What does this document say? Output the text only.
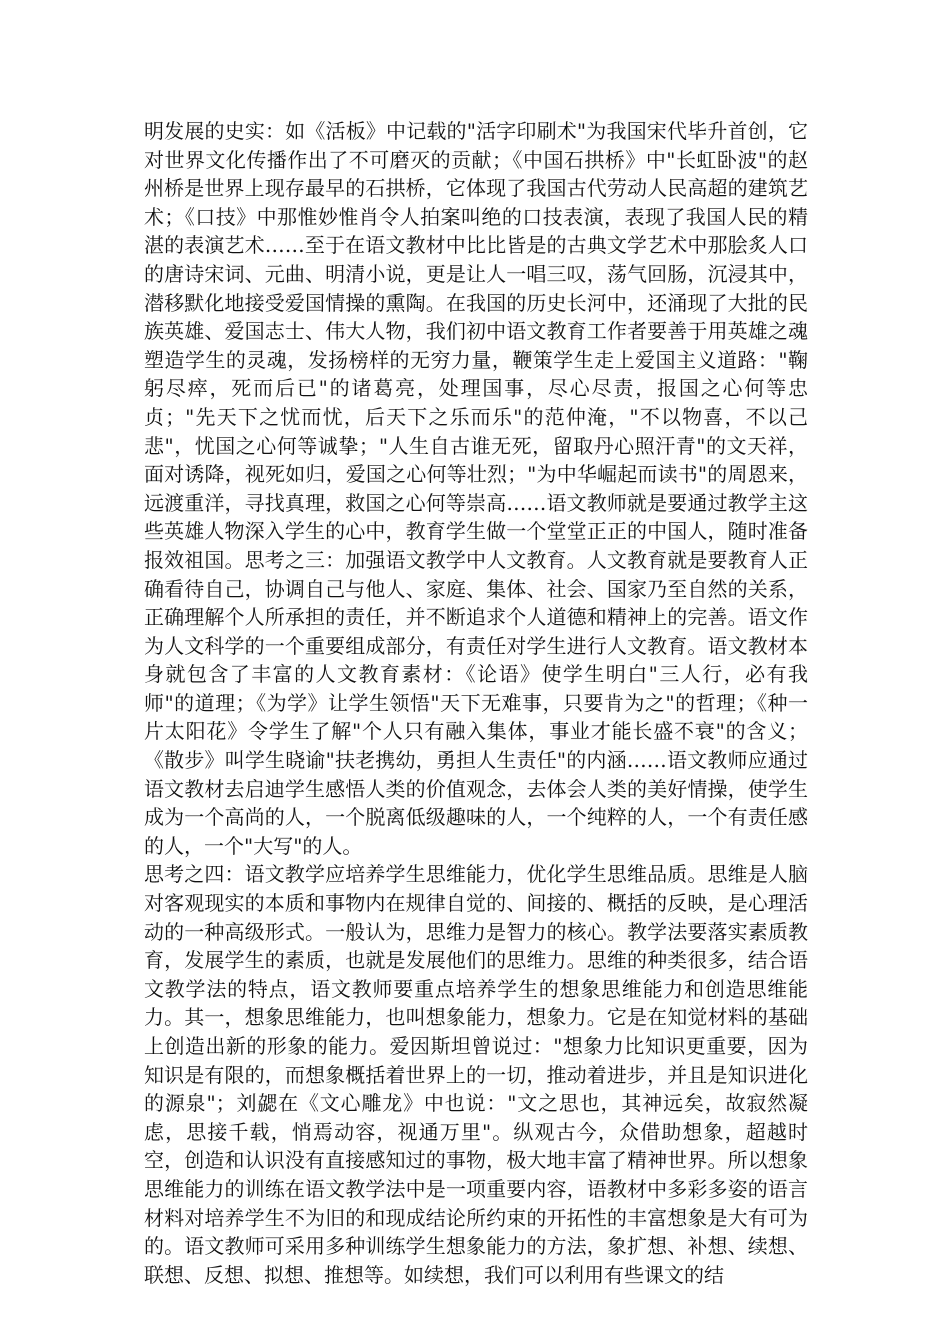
明发展的史实：如《活板》中记载的"活字印刷术"为我国宋代毕升首创，它对世界文化传播作出了不可磨灭的贡献；《中国石拱桥》中"长虹卧波"的赵州桥是世界上现存最早的石拱桥，它体现了我国古代劳动人民高超的建筑艺术；《口技》中那惟妙惟肖令人拍案叫绝的口技表演，表现了我国人民的精湛的表演艺术……至于在语文教材中比比皆是的古典文学艺术中那脍炙人口的唐诗宋词、元曲、明清小说，更是让人一唱三叹，荡气回肠，沉浸其中，潜移默化地接受爱国情操的熏陶。在我国的历史长河中，还涌现了大批的民族英雄、爱国志士、伟大人物，我们初中语文教育工作者要善于用英雄之魂塑造学生的灵魂，发扬榜样的无穷力量，鞭策学生走上爱国主义道路："鞠躬尽瘁，死而后已"的诸葛亮，处理国事，尽心尽责，报国之心何等忠贞；"先天下之忧而忧，后天下之乐而乐"的范仲淹，"不以物喜，不以己悲"，忧国之心何等诚挚；"人生自古谁无死，留取丹心照汗青"的文天祥，面对诱降，视死如归，爱国之心何等壮烈；"为中华崛起而读书"的周恩来，远渡重洋，寻找真理，救国之心何等崇高……语文教师就是要通过教学主这些英雄人物深入学生的心中，教育学生做一个堂堂正正的中国人，随时准备报效祖国。思考之三：加强语文教学中人文教育。人文教育就是要教育人正确看待自己，协调自己与他人、家庭、集体、社会、国家乃至自然的关系，正确理解个人所承担的责任，并不断追求个人道德和精神上的完善。语文作为人文科学的一个重要组成部分，有责任对学生进行人文教育。语文教材本身就包含了丰富的人文教育素材：《论语》使学生明白"三人行，必有我师"的道理；《为学》让学生领悟"天下无难事，只要肯为之"的哲理；《种一片太阳花》令学生了解"个人只有融入集体，事业才能长盛不衰"的含义；《散步》叫学生晓谕"扶老携幼，勇担人生责任"的内涵……语文教师应通过语文教材去启迪学生感悟人类的价值观念，去体会人类的美好情操，使学生成为一个高尚的人，一个脱离低级趣味的人，一个纯粹的人，一个有责任感的人，一个"大写"的人。

思考之四：语文教学应培养学生思维能力，优化学生思维品质。思维是人脑对客观现实的本质和事物内在规律自觉的、间接的、概括的反映，是心理活动的一种高级形式。一般认为，思维力是智力的核心。教学法要落实素质教育，发展学生的素质，也就是发展他们的思维力。思维的种类很多，结合语文教学法的特点，语文教师要重点培养学生的想象思维能力和创造思维能力。其一，想象思维能力，也叫想象能力，想象力。它是在知觉材料的基础上创造出新的形象的能力。爱因斯坦曾说过："想象力比知识更重要，因为知识是有限的，而想象概括着世界上的一切，推动着进步，并且是知识进化的源泉"；刘勰在《文心雕龙》中也说："文之思也，其神远矣，故寂然凝虑，思接千载，悄焉动容，视通万里"。纵观古今，众借助想象，超越时空，创造和认识没有直接感知过的事物，极大地丰富了精神世界。所以想象思维能力的训练在语文教学法中是一项重要内容，语教材中多彩多姿的语言材料对培养学生不为旧的和现成结论所约束的开拓性的丰富想象是大有可为的。语文教师可采用多种训练学生想象能力的方法，象扩想、补想、续想、联想、反想、拟想、推想等。如续想，我们可以利用有些课文的结
